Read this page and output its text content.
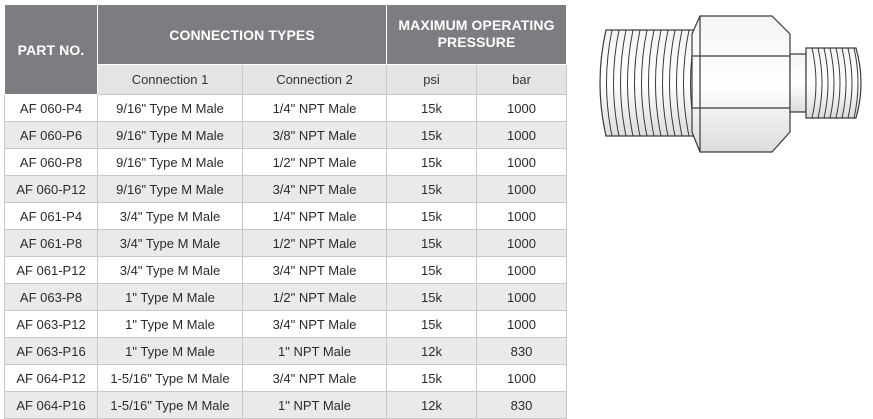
PART NO.	CONNECTION TYPES		MAXIMUM OPERATING
PRESSURE	
	Connection 1	Connection 2	psi	bar
AF 060-P4	9/16" Type M Male	1/4" NPT Male	15k	1000
AF 060-P6	9/16" Type M Male	3/8" NPT Male	15k	1000
AF 060-P8	9/16" Type M Male	1/2" NPT Male	15k	1000
AF 060-P12	9/16" Type M Male	3/4" NPT Male	15k	1000
AF 061-P4	3/4" Type M Male	1/4" NPT Male	15k	1000
AF 061-P8	3/4" Type M Male	1/2" NPT Male	15k	1000
AF 061-P12	3/4" Type M Male	3/4" NPT Male	15k	1000
AF 063-P8	1" Type M Male	1/2" NPT Male	15k	1000
AF 063-P12	1" Type M Male	3/4" NPT Male	15k	1000
AF 063-P16	1" Type M Male	1" NPT Male	12k	830
AF 064-P12	1-5/16" Type M Male	3/4" NPT Male	15k	1000
AF 064-P16	1-5/16" Type M Male	1" NPT Male	12k	830
